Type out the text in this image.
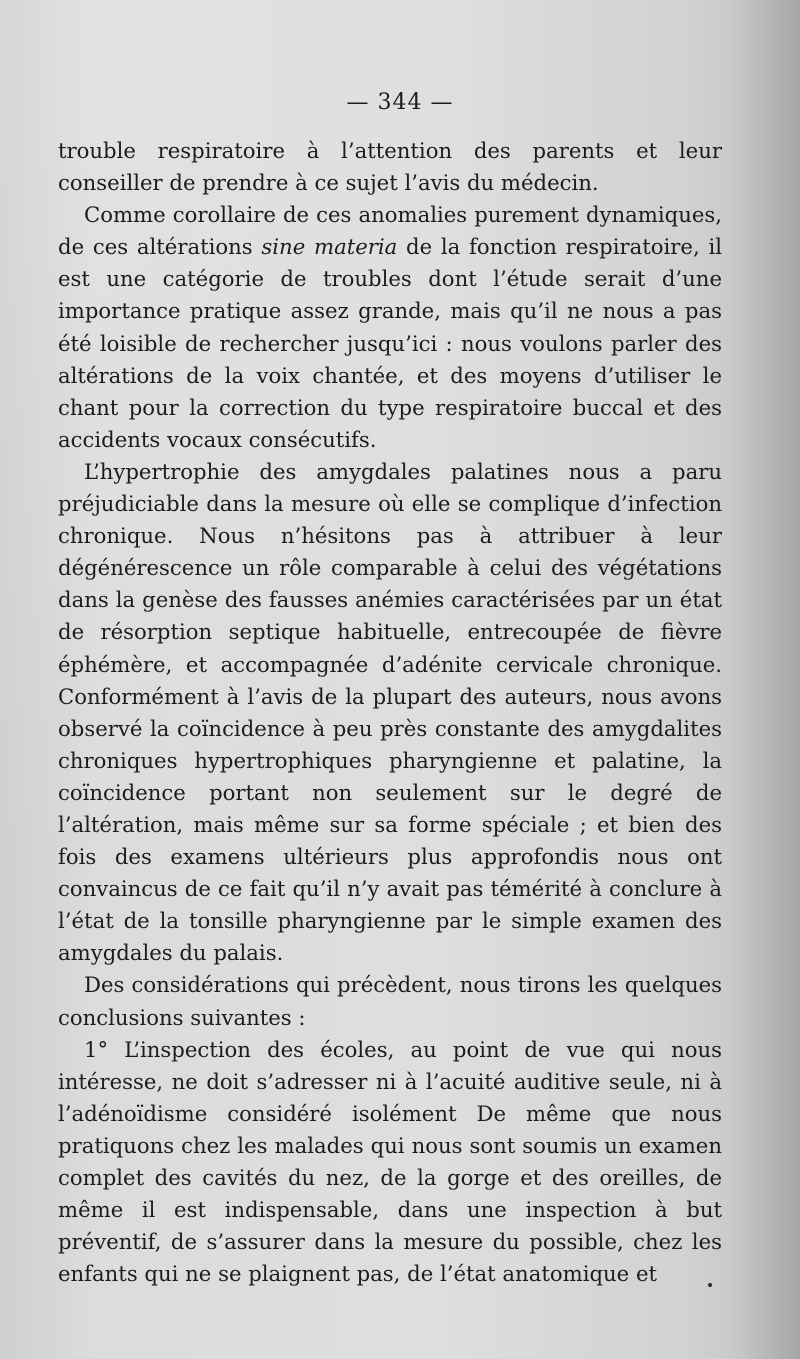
— 344 —

trouble respiratoire à l’attention des parents et leur conseiller de prendre à ce sujet l’avis du médecin.

Comme corollaire de ces anomalies purement dynamiques, de ces altérations sine materia de la fonction respiratoire, il est une catégorie de troubles dont l’étude serait d’une importance pratique assez grande, mais qu’il ne nous a pas été loisible de rechercher jusqu’ici : nous voulons parler des altérations de la voix chantée, et des moyens d’utiliser le chant pour la correction du type respiratoire buccal et des accidents vocaux consécutifs.

L’hypertrophie des amygdales palatines nous a paru préjudiciable dans la mesure où elle se complique d’infection chronique. Nous n’hésitons pas à attribuer à leur dégénérescence un rôle comparable à celui des végétations dans la genèse des fausses anémies caractérisées par un état de résorption septique habituelle, entrecoupée de fièvre éphémère, et accompagnée d’adénite cervicale chronique. Conformément à l’avis de la plupart des auteurs, nous avons observé la coïncidence à peu près constante des amygdalites chroniques hypertrophiques pharyngienne et palatine, la coïncidence portant non seulement sur le degré de l’altération, mais même sur sa forme spéciale ; et bien des fois des examens ultérieurs plus approfondis nous ont convaincus de ce fait qu’il n’y avait pas témérité à conclure à l’état de la tonsille pharyngienne par le simple examen des amygdales du palais.

Des considérations qui précèdent, nous tirons les quelques conclusions suivantes :

1° L’inspection des écoles, au point de vue qui nous intéresse, ne doit s’adresser ni à l’acuité auditive seule, ni à l’adénoïdisme considéré isolément De même que nous pratiquons chez les malades qui nous sont soumis un examen complet des cavités du nez, de la gorge et des oreilles, de même il est indispensable, dans une inspection à but préventif, de s’assurer dans la mesure du possible, chez les enfants qui ne se plaignent pas, de l’état anatomique et
